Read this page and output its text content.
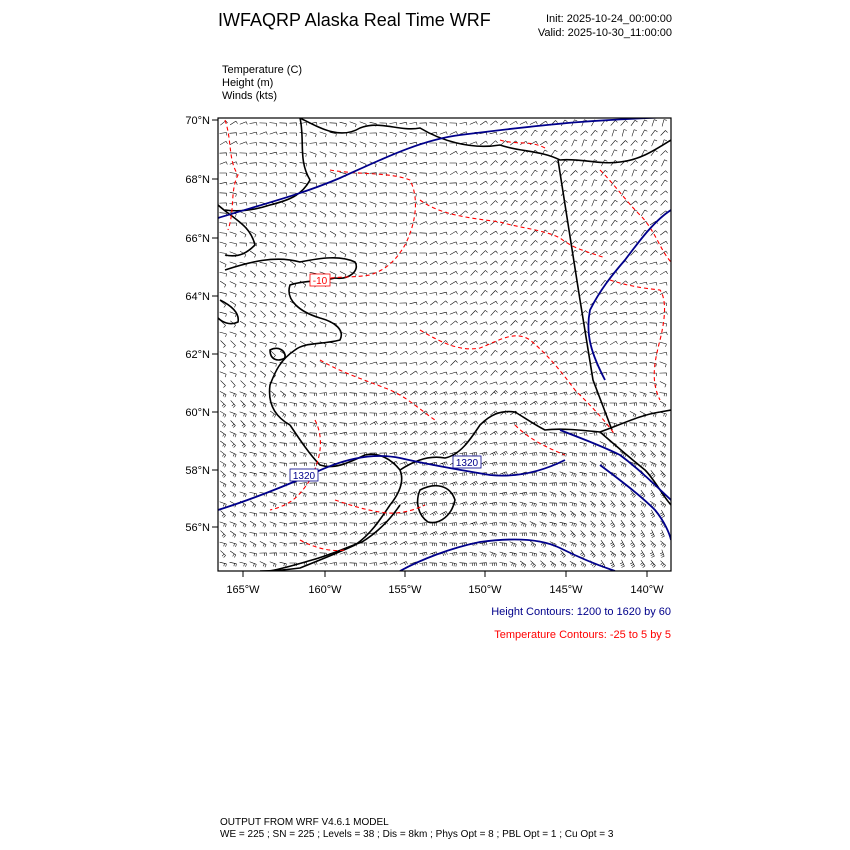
IWFAQRP Alaska Real Time WRF	Init: 2025-10-24_00:00:00
Valid: 2025-10-30_11:00:00
Temperature (C)
Height (m)
Winds (kts)
-10
1320
1320
70°N
68°N
66°N
64°N
62°N
60°N
58°N
56°N
165°W	160°W	155°W	150°W	145°W	140°W
Height Contours: 1200 to 1620 by 60
Temperature Contours: -25 to 5 by 5
OUTPUT FROM WRF V4.6.1 MODEL
WE = 225 ; SN = 225 ; Levels = 38 ; Dis = 8km ; Phys Opt = 8 ; PBL Opt = 1 ; Cu Opt = 3
